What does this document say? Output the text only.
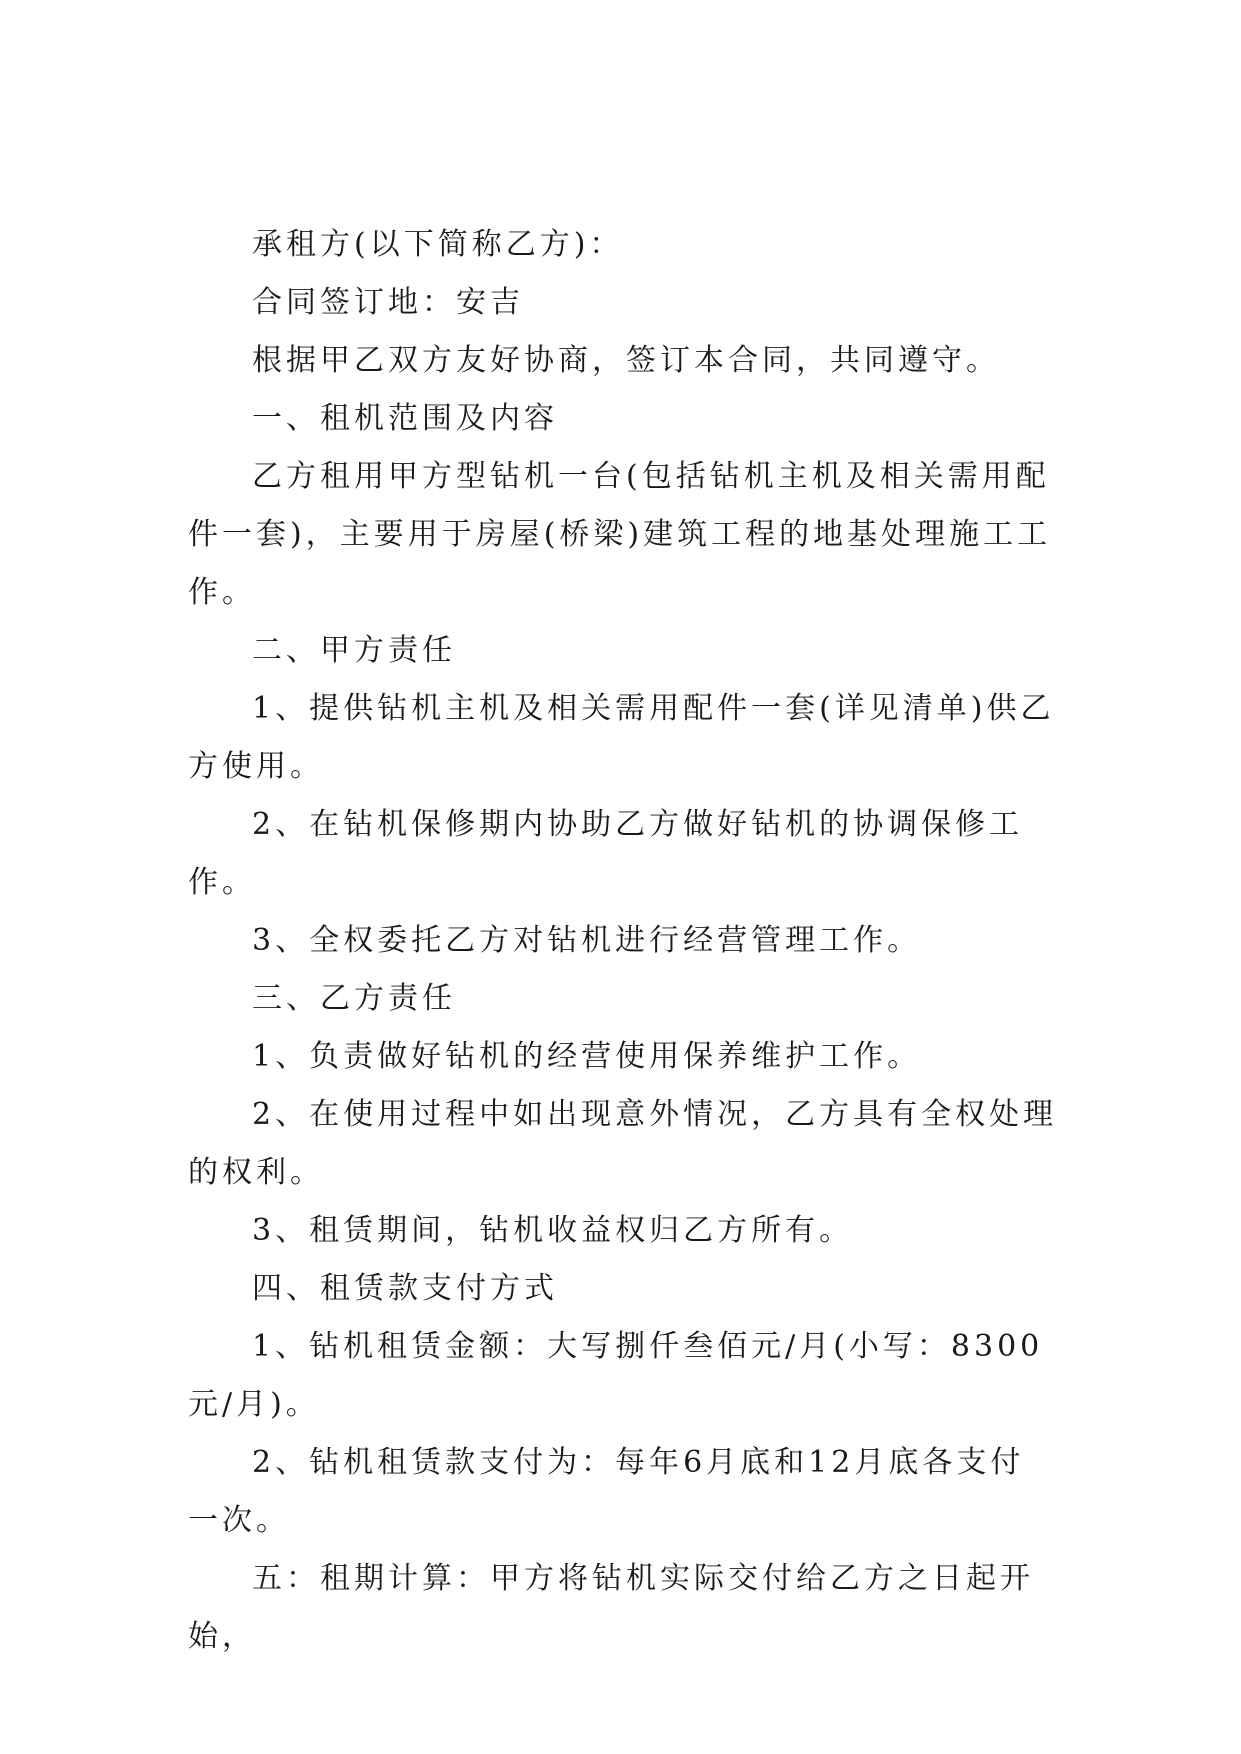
承租方(以下简称乙方)：

合同签订地：安吉

根据甲乙双方友好协商，签订本合同，共同遵守。

一、租机范围及内容

乙方租用甲方型钻机一台(包括钻机主机及相关需用配件一套)，主要用于房屋(桥梁)建筑工程的地基处理施工工作。

二、甲方责任

1、提供钻机主机及相关需用配件一套(详见清单)供乙方使用。

2、在钻机保修期内协助乙方做好钻机的协调保修工作。

3、全权委托乙方对钻机进行经营管理工作。

三、乙方责任

1、负责做好钻机的经营使用保养维护工作。

2、在使用过程中如出现意外情况，乙方具有全权处理的权利。

3、租赁期间，钻机收益权归乙方所有。

四、租赁款支付方式

1、钻机租赁金额：大写捌仟叁佰元/月(小写：8300元/月)。

2、钻机租赁款支付为：每年6月底和12月底各支付一次。

五：租期计算：甲方将钻机实际交付给乙方之日起开始，
